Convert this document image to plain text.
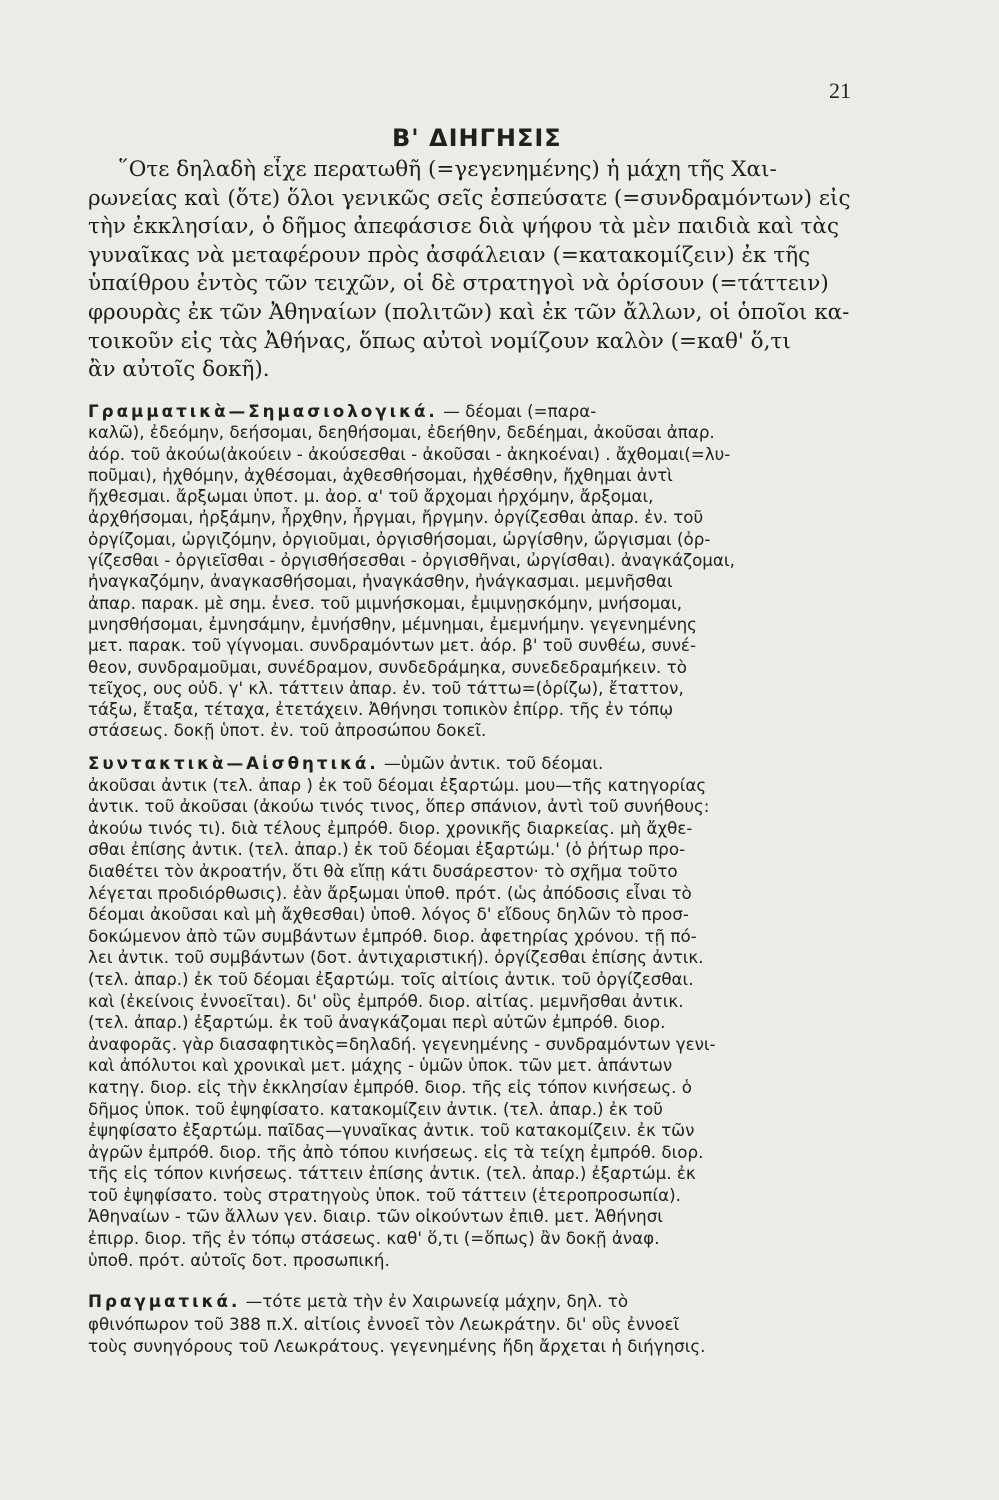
21
Β' ΔΙΗΓΗΣΙΣ
῞Οτε δηλαδὴ εἶχε περατωθῆ (=γεγενημένης) ἡ μάχη τῆς Χαι-
ρωνείας καὶ (ὅτε) ὅλοι γενικῶς σεῖς ἐσπεύσατε (=συνδραμόντων) εἰς
τὴν ἐκκλησίαν, ὁ δῆμος ἀπεφάσισε διὰ ψήφου τὰ μὲν παιδιὰ καὶ τὰς
γυναῖκας νὰ μεταφέρουν πρὸς ἀσφάλειαν (=κατακομίζειν) ἐκ τῆς
ὑπαίθρου ἐντὸς τῶν τειχῶν, οἱ δὲ στρατηγοὶ νὰ ὁρίσουν (=τάττειν)
φρουρὰς ἐκ τῶν Ἀθηναίων (πολιτῶν) καὶ ἐκ τῶν ἄλλων, οἱ ὁποῖοι κα-
τοικοῦν εἰς τὰς Ἀθήνας, ὅπως αὐτοὶ νομίζουν καλὸν (=καθ' ὅ,τι
ἂν αὐτοῖς δοκῆ).
Γραμματικὰ—Σημασιολογικά. — δέομαι (=παρα-
καλῶ), ἐδεόμην, δεήσομαι, δεηθήσομαι, ἐδεήθην, δεδέημαι, ἀκοῦσαι ἀπαρ.
ἀόρ. τοῦ ἀκούω(ἀκούειν - ἀκούσεσθαι - ἀκοῦσαι - ἀκηκοέναι) . ἄχθομαι(=λυ-
ποῦμαι), ἠχθόμην, ἀχθέσομαι, ἀχθεσθήσομαι, ἠχθέσθην, ἤχθημαι ἀντὶ
ἤχθεσμαι. ἄρξωμαι ὑποτ. μ. ἀορ. α' τοῦ ἄρχομαι ἠρχόμην, ἄρξομαι,
ἀρχθήσομαι, ἠρξάμην, ἦρχθην, ἦργμαι, ἤργμην. ὀργίζεσθαι ἀπαρ. ἐν. τοῦ
ὀργίζομαι, ὠργιζόμην, ὀργιοῦμαι, ὀργισθήσομαι, ὠργίσθην, ὤργισμαι (ὀρ-
γίζεσθαι - ὀργιεῖσθαι - ὀργισθήσεσθαι - ὀργισθῆναι, ὠργίσθαι). ἀναγκάζομαι,
ἠναγκαζόμην, ἀναγκασθήσομαι, ἠναγκάσθην, ἠνάγκασμαι. μεμνῆσθαι
ἀπαρ. παρακ. μὲ σημ. ἐνεσ. τοῦ μιμνήσκομαι, ἐμιμνῃσκόμην, μνήσομαι,
μνησθήσομαι, ἐμνησάμην, ἐμνήσθην, μέμνημαι, ἐμεμνήμην. γεγενημένης
μετ. παρακ. τοῦ γίγνομαι. συνδραμόντων μετ. ἀόρ. β' τοῦ συνθέω, συνέ-
θεον, συνδραμοῦμαι, συνέδραμον, συνδεδράμηκα, συνεδεδραμήκειν. τὸ
τεῖχος, ους οὐδ. γ' κλ. τάττειν ἀπαρ. ἐν. τοῦ τάττω=(ὁρίζω), ἔταττον,
τάξω, ἔταξα, τέταχα, ἐτετάχειν. Ἀθήνησι τοπικὸν ἐπίρρ. τῆς ἐν τόπῳ
στάσεως. δοκῇ ὑποτ. ἐν. τοῦ ἀπροσώπου δοκεῖ.
Συντακτικὰ—Αἰσθητικά. —ὑμῶν ἀντικ. τοῦ δέομαι.
ἀκοῦσαι ἀντικ (τελ. ἀπαρ ) ἐκ τοῦ δέομαι ἐξαρτώμ. μου—τῆς κατηγορίας
ἀντικ. τοῦ ἀκοῦσαι (ἀκούω τινός τινος, ὅπερ σπάνιον, ἀντὶ τοῦ συνήθους:
ἀκούω τινός τι). διὰ τέλους ἐμπρόθ. διορ. χρονικῆς διαρκείας. μὴ ἄχθε-
σθαι ἐπίσης ἀντικ. (τελ. ἀπαρ.) ἐκ τοῦ δέομαι ἐξαρτώμ.' (ὁ ῥήτωρ προ-
διαθέτει τὸν ἀκροατήν, ὅτι θὰ εἴπῃ κάτι δυσάρεστον· τὸ σχῆμα τοῦτο
λέγεται προδιόρθωσις). ἐὰν ἄρξωμαι ὑποθ. πρότ. (ὡς ἀπόδοσις εἶναι τὸ
δέομαι ἀκοῦσαι καὶ μὴ ἄχθεσθαι) ὑποθ. λόγος δ' εἴδους δηλῶν τὸ προσ-
δοκώμενον ἀπὸ τῶν συμβάντων ἐμπρόθ. διορ. ἀφετηρίας χρόνου. τῇ πό-
λει ἀντικ. τοῦ συμβάντων (δοτ. ἀντιχαριστική). ὀργίζεσθαι ἐπίσης ἀντικ.
(τελ. ἀπαρ.) ἐκ τοῦ δέομαι ἐξαρτώμ. τοῖς αἰτίοις ἀντικ. τοῦ ὀργίζεσθαι.
καὶ (ἐκείνοις ἐννοεῖται). δι' οὓς ἐμπρόθ. διορ. αἰτίας. μεμνῆσθαι ἀντικ.
(τελ. ἀπαρ.) ἐξαρτώμ. ἐκ τοῦ ἀναγκάζομαι περὶ αὐτῶν ἐμπρόθ. διορ.
ἀναφορᾶς. γὰρ διασαφητικὸς=δηλαδή. γεγενημένης - συνδραμόντων γενι-
καὶ ἀπόλυτοι καὶ χρονικαὶ μετ. μάχης - ὑμῶν ὑποκ. τῶν μετ. ἁπάντων
κατηγ. διορ. εἰς τὴν ἐκκλησίαν ἐμπρόθ. διορ. τῆς εἰς τόπον κινήσεως. ὁ
δῆμος ὑποκ. τοῦ ἐψηφίσατο. κατακομίζειν ἀντικ. (τελ. ἀπαρ.) ἐκ τοῦ
ἐψηφίσατο ἐξαρτώμ. παῖδας—γυναῖκας ἀντικ. τοῦ κατακομίζειν. ἐκ τῶν
ἀγρῶν ἐμπρόθ. διορ. τῆς ἀπὸ τόπου κινήσεως. εἰς τὰ τείχη ἐμπρόθ. διορ.
τῆς εἰς τόπον κινήσεως. τάττειν ἐπίσης ἀντικ. (τελ. ἀπαρ.) ἐξαρτώμ. ἐκ
τοῦ ἐψηφίσατο. τοὺς στρατηγοὺς ὑποκ. τοῦ τάττειν (ἑτεροπροσωπία).
Ἀθηναίων - τῶν ἄλλων γεν. διαιρ. τῶν οἰκούντων ἐπιθ. μετ. Ἀθήνησι
ἐπιρρ. διορ. τῆς ἐν τόπῳ στάσεως. καθ' ὅ,τι (=ὅπως) ἂν δοκῇ ἀναφ.
ὑποθ. πρότ. αὐτοῖς δοτ. προσωπική.
Πραγματικά. —τότε μετὰ τὴν ἐν Χαιρωνείᾳ μάχην, δηλ. τὸ
φθινόπωρον τοῦ 388 π.Χ. αἰτίοις ἐννοεῖ τὸν Λεωκράτην. δι' οὓς ἐννοεῖ
τοὺς συνηγόρους τοῦ Λεωκράτους. γεγενημένης ἤδη ἄρχεται ἡ διήγησις.
